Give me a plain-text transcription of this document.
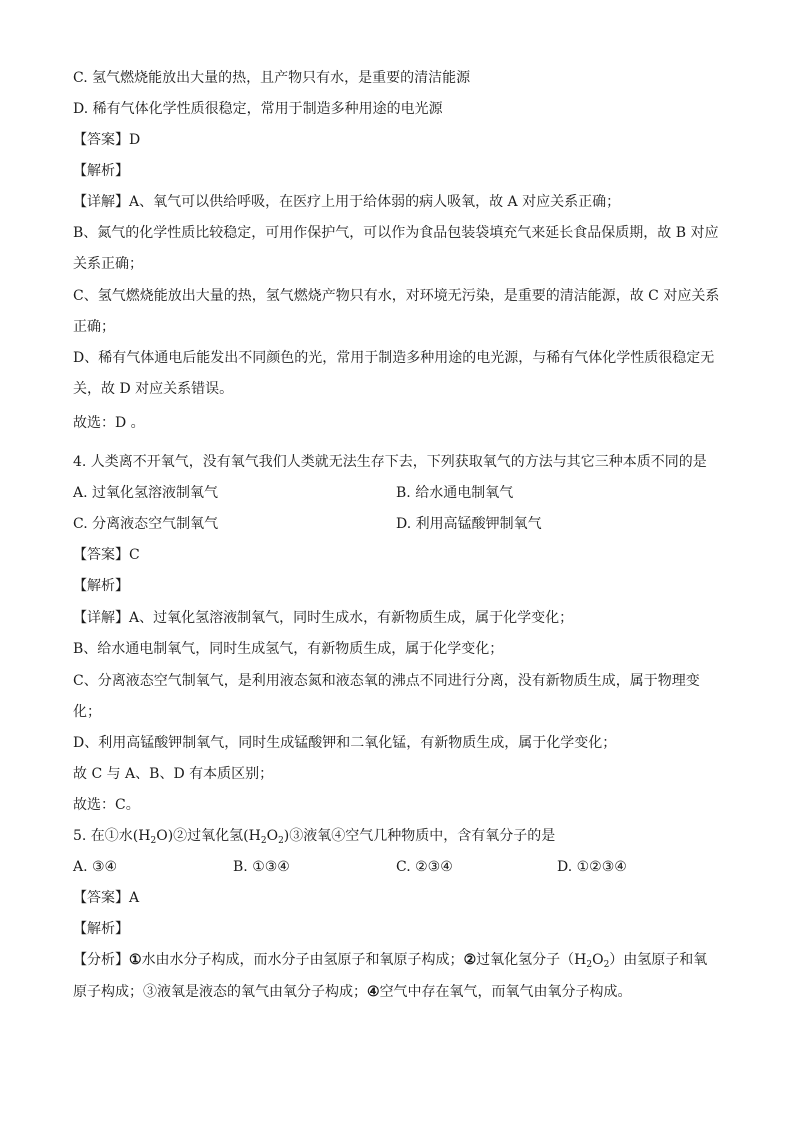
C. 氢气燃烧能放出大量的热，且产物只有水，是重要的清洁能源
D. 稀有气体化学性质很稳定，常用于制造多种用途的电光源
【答案】D
【解析】
【详解】A、氧气可以供给呼吸，在医疗上用于给体弱的病人吸氧，故 A 对应关系正确；
B、氮气的化学性质比较稳定，可用作保护气，可以作为食品包装袋填充气来延长食品保质期，故 B 对应
关系正确；
C、氢气燃烧能放出大量的热，氢气燃烧产物只有水，对环境无污染，是重要的清洁能源，故 C 对应关系
正确；
D、稀有气体通电后能发出不同颜色的光，常用于制造多种用途的电光源，与稀有气体化学性质很稳定无
关，故 D 对应关系错误。
故选：D 。
4. 人类离不开氧气，没有氧气我们人类就无法生存下去，下列获取氧气的方法与其它三种本质不同的是
A. 过氧化氢溶液制氧气	B. 给水通电制氧气
C. 分离液态空气制氧气	D. 利用高锰酸钾制氧气
【答案】C
【解析】
【详解】A、过氧化氢溶液制氧气，同时生成水，有新物质生成，属于化学变化；
B、给水通电制氧气，同时生成氢气，有新物质生成，属于化学变化；
C、分离液态空气制氧气，是利用液态氮和液态氧的沸点不同进行分离，没有新物质生成，属于物理变
化；
D、利用高锰酸钾制氧气，同时生成锰酸钾和二氧化锰，有新物质生成，属于化学变化；
故 C 与 A、B、D 有本质区别；
故选：C。
5. 在①水$(H_2O)②$过氧化氢$(H_2O_2)③$液氧④空气几种物质中，含有氧分子的是
A. ③④	B. ①③④	C. ②③④	D. ①②③④
【答案】A
【解析】
【分析】①水由水分子构成，而水分子由氢原子和氧原子构成；②过氧化氢分子$(H_2O_2)$由氢原子和氧
原子构成；③液氧是液态的氧气由氧分子构成；④空气中存在氧气，而氧气由氧分子构成。
